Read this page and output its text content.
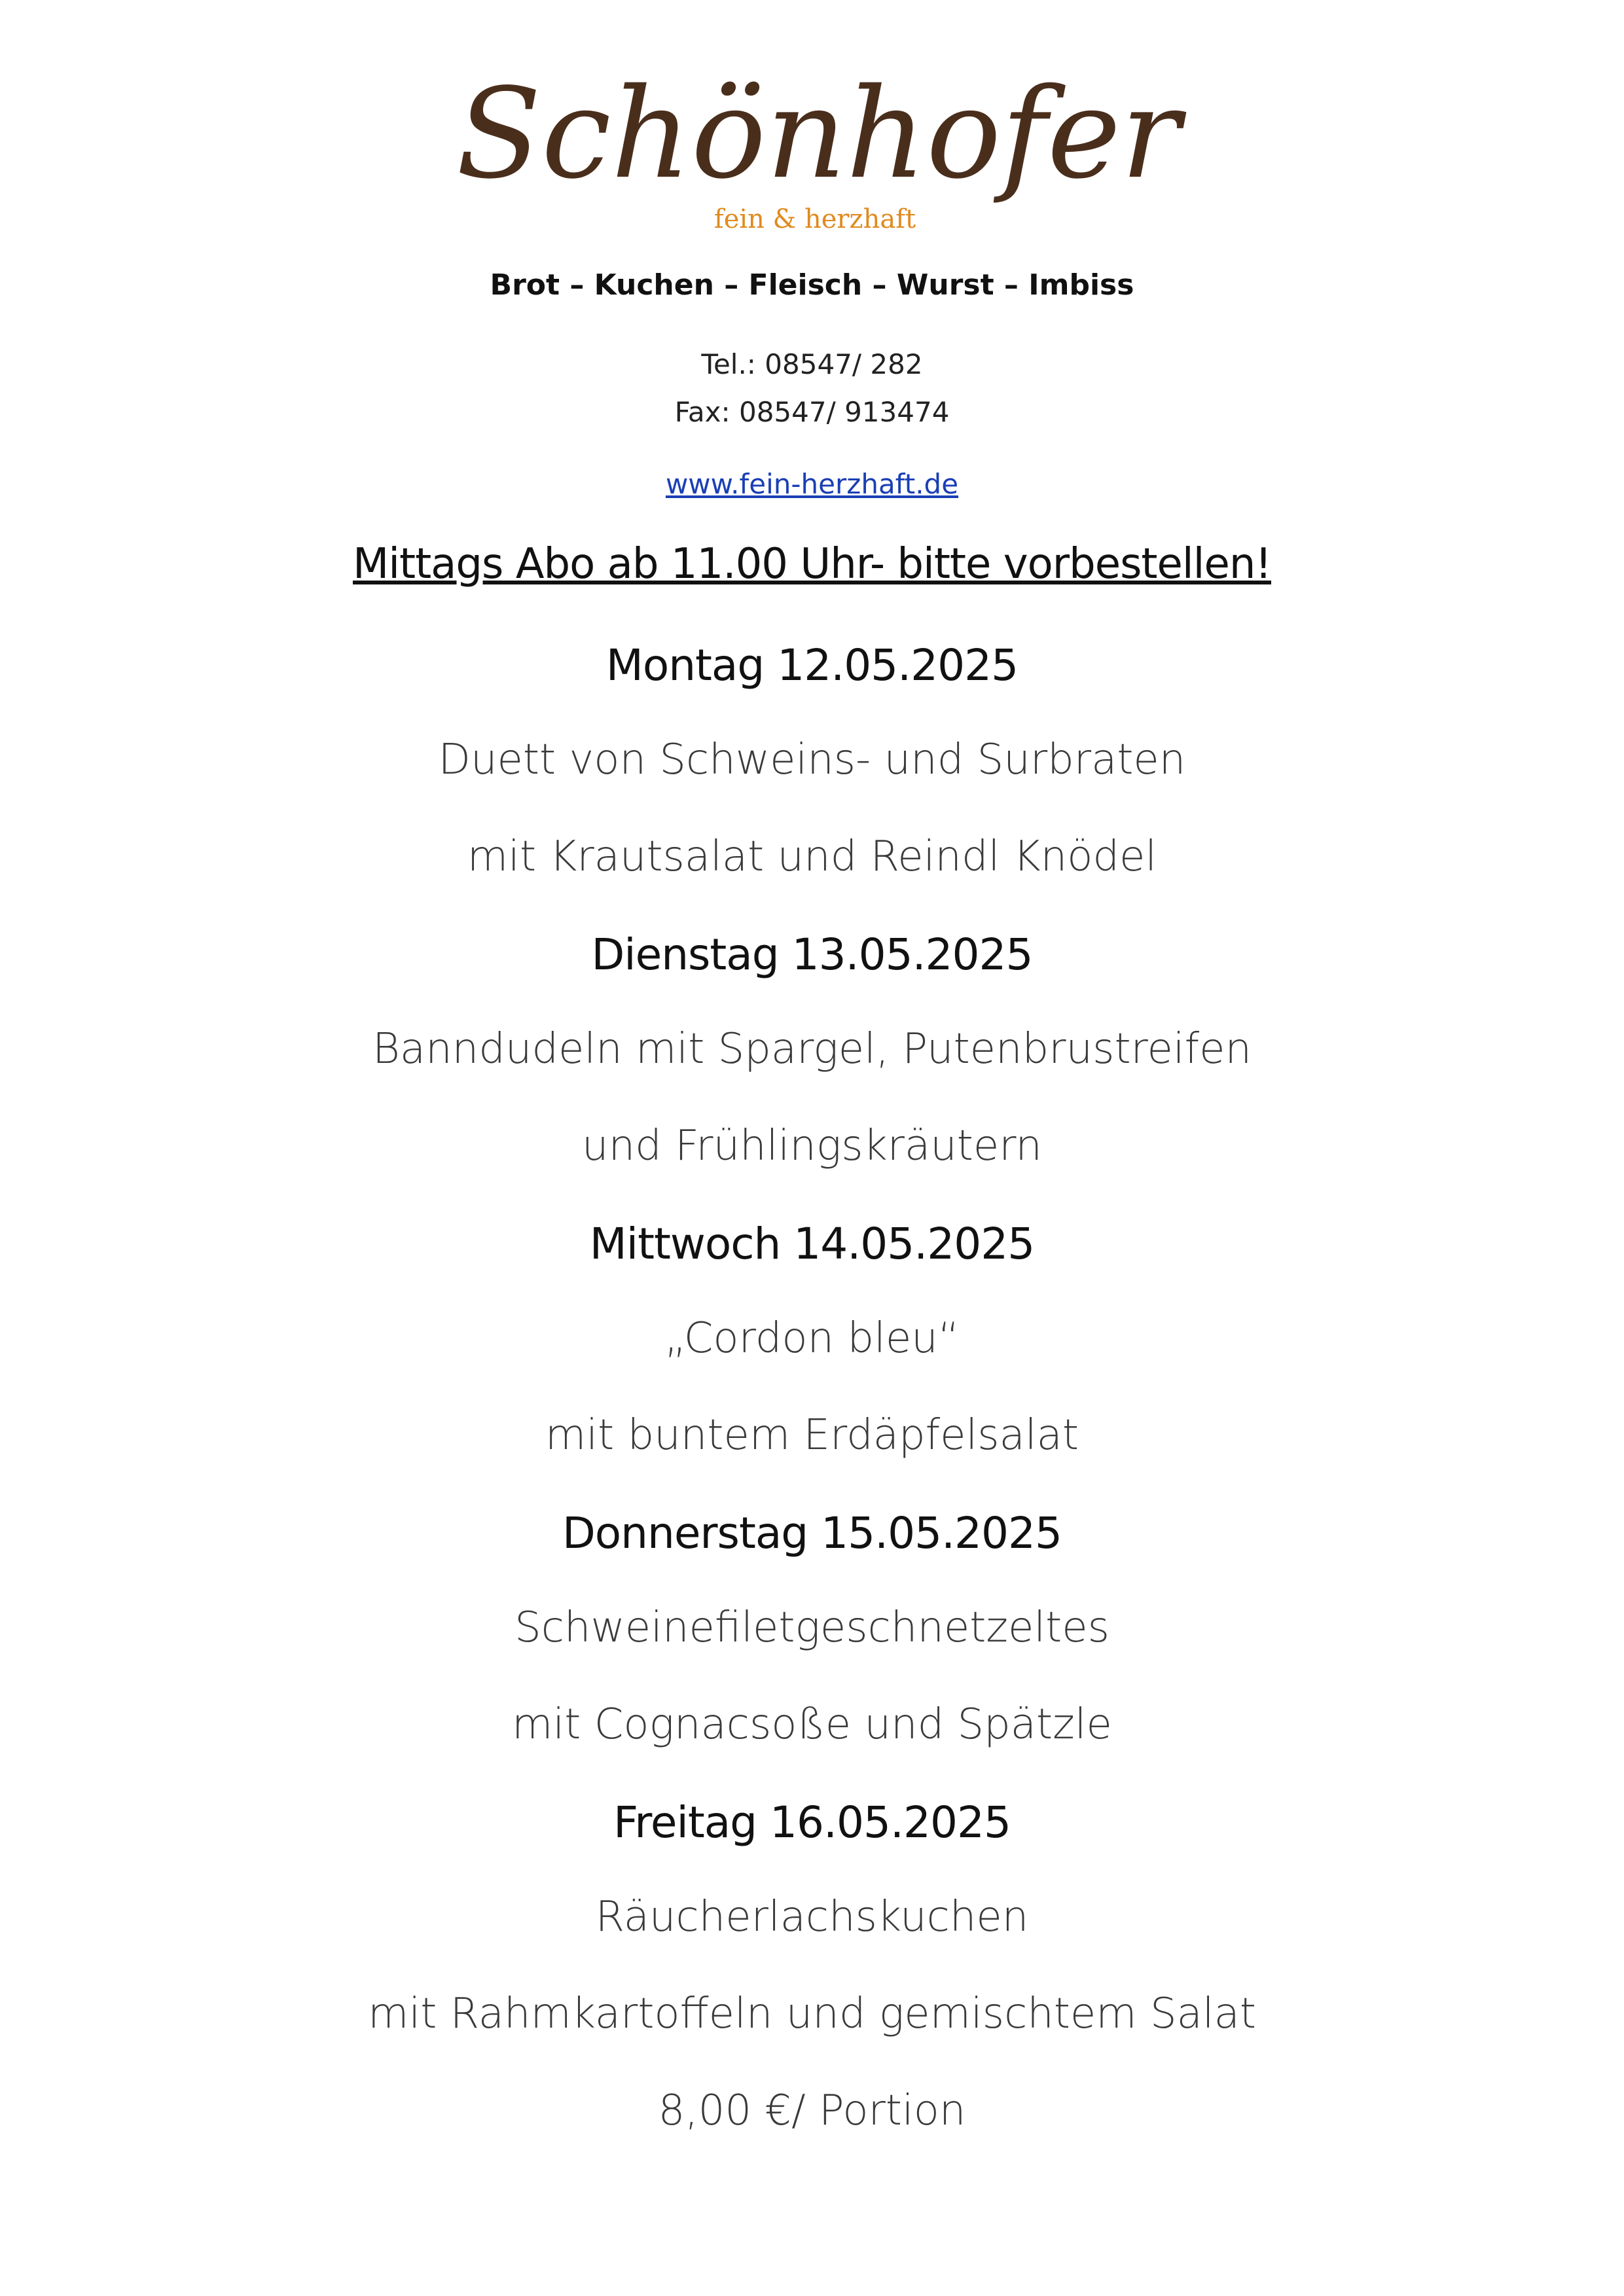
Schönhofer
fein & herzhaft
Brot – Kuchen – Fleisch – Wurst – Imbiss
Tel.: 08547/ 282
Fax: 08547/ 913474
www.fein-herzhaft.de
Mittags Abo ab 11.00 Uhr- bitte vorbestellen!
Montag 12.05.2025
Duett von Schweins- und Surbraten
mit Krautsalat und Reindl Knödel
Dienstag 13.05.2025
Banndudeln mit Spargel, Putenbrustreifen
und Frühlingskräutern
Mittwoch 14.05.2025
„Cordon bleu“
mit buntem Erdäpfelsalat
Donnerstag 15.05.2025
Schweinefiletgeschnetzeltes
mit Cognacsoße und Spätzle
Freitag 16.05.2025
Räucherlachskuchen
mit Rahmkartoffeln und gemischtem Salat
8,00 €/ Portion
